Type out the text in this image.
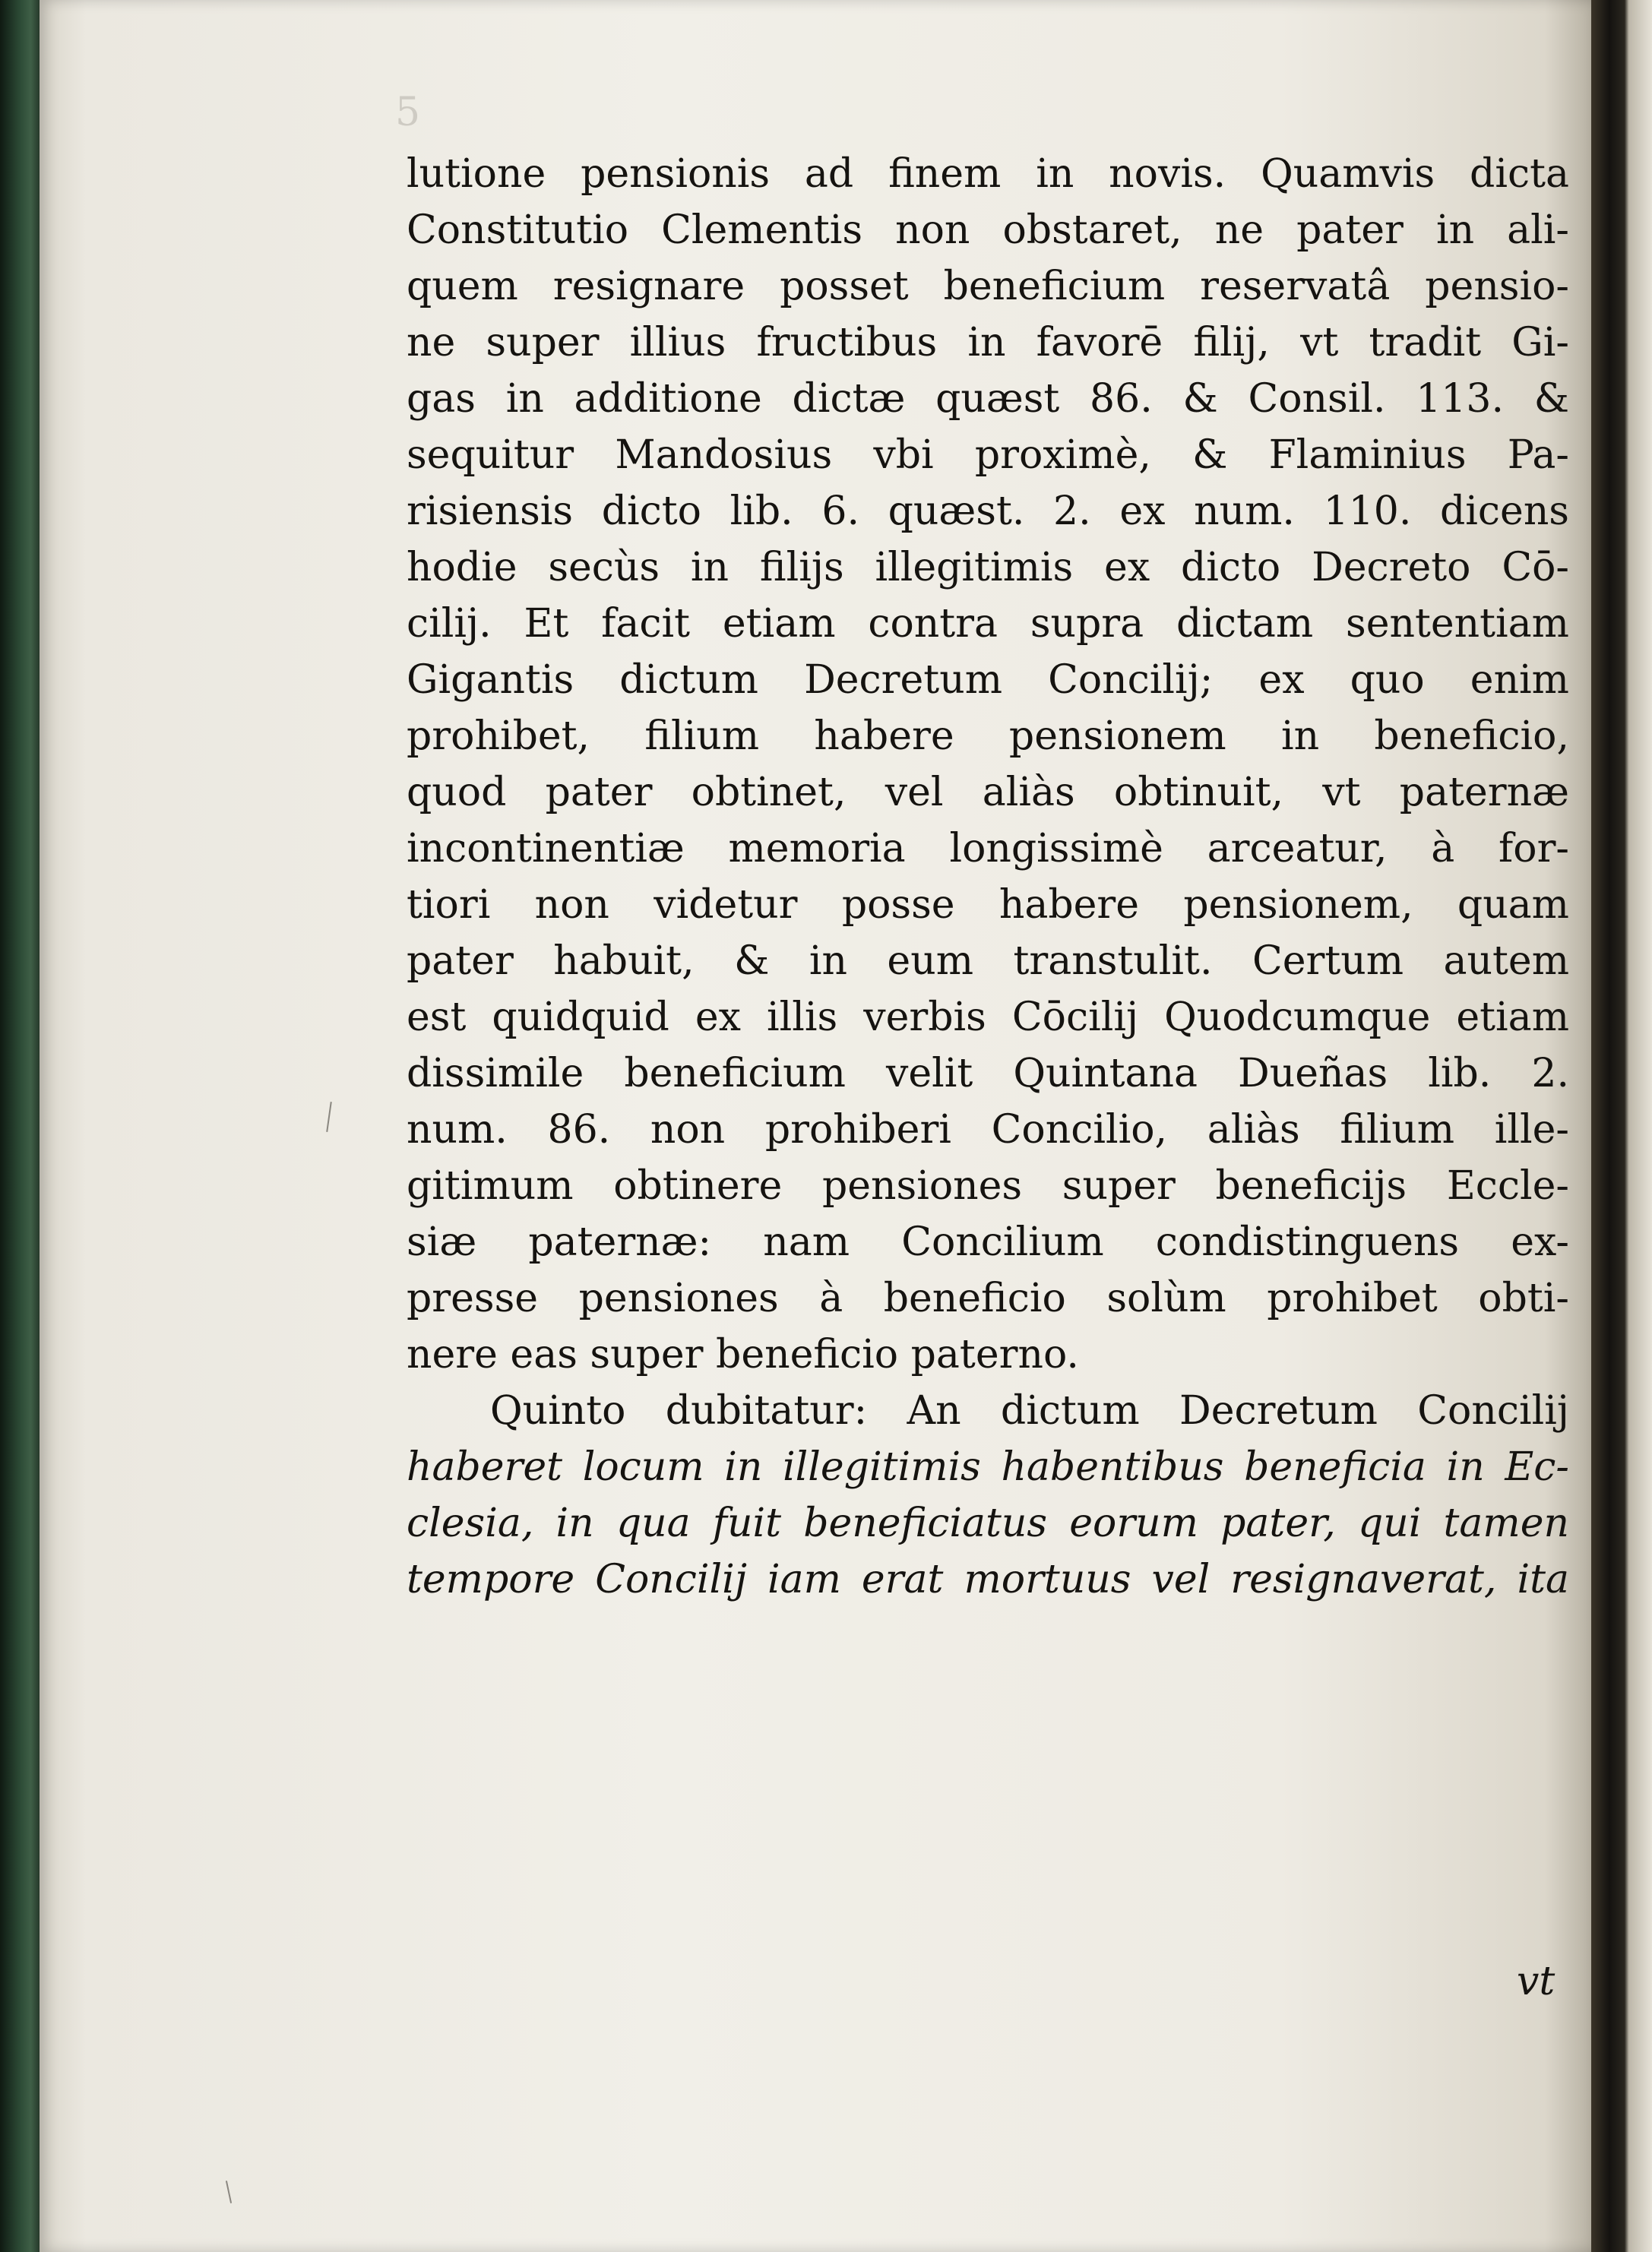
5
lutione pensionis ad finem in novis. Quamvis dicta
Constitutio Clementis non obstaret, ne pater in ali-
quem resignare posset beneficium reservatâ pensio-
ne super illius fructibus in favorē filij, vt tradit Gi-
gas in additione dictæ quæst 86. & Consil. 113. &
sequitur Mandosius vbi proximè, & Flaminius Pa-
risiensis dicto lib. 6. quæst. 2. ex num. 110. dicens
hodie secùs in filijs illegitimis ex dicto Decreto Cō-
cilij. Et facit etiam contra supra dictam sententiam
Gigantis dictum Decretum Concilij; ex quo enim
prohibet, filium habere pensionem in beneficio,
quod pater obtinet, vel aliàs obtinuit, vt paternæ
incontinentiæ memoria longissimè arceatur, à for-
tiori non videtur posse habere pensionem, quam
pater habuit, & in eum transtulit. Certum autem
est quidquid ex illis verbis Cōcilij Quodcumque etiam
dissimile beneficium velit Quintana Dueñas lib. 2.
num. 86. non prohiberi Concilio, aliàs filium ille-
gitimum obtinere pensiones super beneficijs Eccle-
siæ paternæ: nam Concilium condistinguens ex-
presse pensiones à beneficio solùm prohibet obti-
nere eas super beneficio paterno.
Quinto dubitatur: An dictum Decretum Concilij
haberet locum in illegitimis habentibus beneficia in Ec-
clesia, in qua fuit beneficiatus eorum pater, qui tamen
tempore Concilij iam erat mortuus vel resignaverat, ita
vt
